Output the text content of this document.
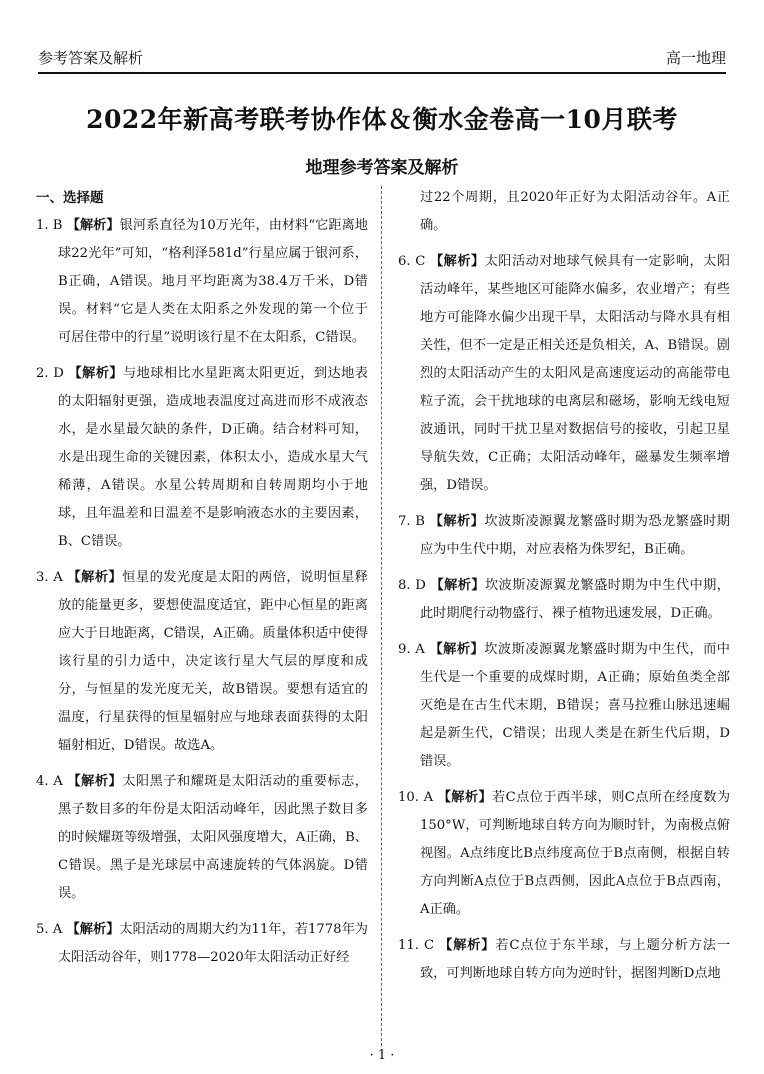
参考答案及解析	高一地理
2022年新高考联考协作体＆衡水金卷高一10月联考
地理参考答案及解析

一、选择题

1. B 【解析】银河系直径为10万光年，由材料“它距离地球22光年”可知，“格利泽581d”行星应属于银河系，B正确，A错误。地月平均距离为38.4万千米，D错误。材料“它是人类在太阳系之外发现的第一个位于可居住带中的行星”说明该行星不在太阳系，C错误。

2. D 【解析】与地球相比水星距离太阳更近，到达地表的太阳辐射更强，造成地表温度过高进而形不成液态水，是水星最欠缺的条件，D正确。结合材料可知，水是出现生命的关键因素，体积太小，造成水星大气稀薄，A错误。水星公转周期和自转周期均小于地球，且年温差和日温差不是影响液态水的主要因素，B、C错误。

3. A 【解析】恒星的发光度是太阳的两倍，说明恒星释放的能量更多，要想使温度适宜，距中心恒星的距离应大于日地距离，C错误，A正确。质量体积适中使得该行星的引力适中，决定该行星大气层的厚度和成分，与恒星的发光度无关，故B错误。要想有适宜的温度，行星获得的恒星辐射应与地球表面获得的太阳辐射相近，D错误。故选A。

4. A 【解析】太阳黑子和耀斑是太阳活动的重要标志，黑子数目多的年份是太阳活动峰年，因此黑子数目多的时候耀斑等级增强，太阳风强度增大，A正确，B、C错误。黑子是光球层中高速旋转的气体涡旋。D错误。

5. A 【解析】太阳活动的周期大约为11年，若1778年为太阳活动谷年，则1778—2020年太阳活动正好经

过22个周期，且2020年正好为太阳活动谷年。A正确。

6. C 【解析】太阳活动对地球气候具有一定影响，太阳活动峰年，某些地区可能降水偏多，农业增产；有些地方可能降水偏少出现干旱，太阳活动与降水具有相关性，但不一定是正相关还是负相关，A、B错误。剧烈的太阳活动产生的太阳风是高速度运动的高能带电粒子流，会干扰地球的电离层和磁场，影响无线电短波通讯，同时干扰卫星对数据信号的接收，引起卫星导航失效，C正确；太阳活动峰年，磁暴发生频率增强，D错误。

7. B 【解析】坎波斯凌源翼龙繁盛时期为恐龙繁盛时期应为中生代中期，对应表格为侏罗纪，B正确。

8. D 【解析】坎波斯凌源翼龙繁盛时期为中生代中期，此时期爬行动物盛行、裸子植物迅速发展，D正确。

9. A 【解析】坎波斯凌源翼龙繁盛时期为中生代，而中生代是一个重要的成煤时期，A正确；原始鱼类全部灭绝是在古生代末期，B错误；喜马拉雅山脉迅速崛起是新生代，C错误；出现人类是在新生代后期，D错误。

10. A 【解析】若C点位于西半球，则C点所在经度数为150°W，可判断地球自转方向为顺时针，为南极点俯视图。A点纬度比B点纬度高位于B点南侧，根据自转方向判断A点位于B点西侧，因此A点位于B点西南，A正确。

11. C 【解析】若C点位于东半球，与上题分析方法一致，可判断地球自转方向为逆时针，据图判断D点地

· 1 ·
